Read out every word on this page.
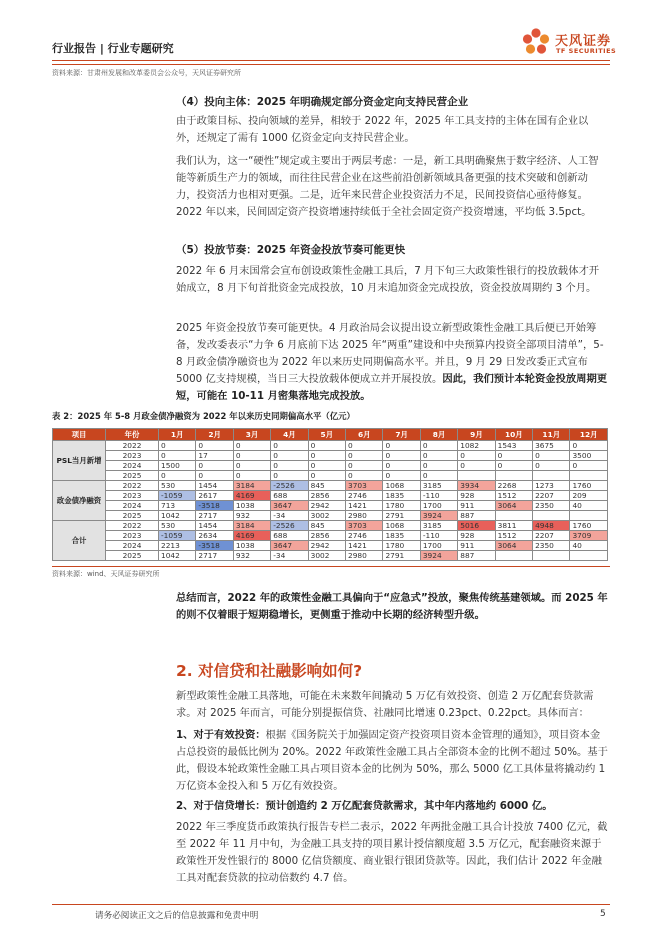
行业报告 | 行业专题研究	天风证券
TF SECURITIES
资料来源：甘肃州发展和改革委员会公众号，天风证券研究所
（4）投向主体：2025 年明确规定部分资金定向支持民营企业
由于政策目标、投向领域的差异，相较于 2022 年，2025 年工具支持的主体在国有企业以外，还规定了需有 1000 亿资金定向支持民营企业。
我们认为，这一“硬性”规定或主要出于两层考虑：一是，新工具明确聚焦于数字经济、人工智能等新质生产力的领域，而往往民营企业在这些前沿创新领域具备更强的技术突破和创新动力，投资活力也相对更强。二是，近年来民营企业投资活力不足，民间投资信心亟待修复。2022 年以来，民间固定资产投资增速持续低于全社会固定资产投资增速，平均低 3.5pct。
（5）投放节奏：2025 年资金投放节奏可能更快
2022 年 6 月末国常会宣布创设政策性金融工具后，7 月下旬三大政策性银行的投放载体才开始成立，8 月下旬首批资金完成投放，10 月末追加资金完成投放，资金投放周期约 3 个月。
2025 年资金投放节奏可能更快。4 月政治局会议提出设立新型政策性金融工具后便已开始筹备，发改委表示“力争 6 月底前下达 2025 年“两重”建设和中央预算内投资全部项目清单”，5-8 月政金债净融资也为 2022 年以来历史同期偏高水平。并且，9 月 29 日发改委正式宣布 5000 亿支持规模，当日三大投放载体便成立并开展投放。因此，我们预计本轮资金投放周期更短，可能在 10-11 月密集落地完成投放。
表 2：2025 年 5-8 月政金债净融资为 2022 年以来历史同期偏高水平（亿元）
项目	年份	1月	2月	3月	4月	5月	6月	7月	8月	9月	10月	11月	12月
PSL当月新增	2022	0	0	0	0	0	0	0	0	1082	1543	3675	0
	2023	0	17	0	0	0	0	0	0	0	0	0	3500
	2024	1500	0	0	0	0	0	0	0	0	0	0	0
	2025	0	0	0	0	0	0	0	0				
政金债净融资	2022	530	1454	3184	-2526	845	3703	1068	3185	3934	2268	1273	1760
	2023	-1059	2617	4169	688	2856	2746	1835	-110	928	1512	2207	209
	2024	713	-3518	1038	3647	2942	1421	1780	1700	911	3064	2350	40
	2025	1042	2717	932	-34	3002	2980	2791	3924	887			
合计	2022	530	1454	3184	-2526	845	3703	1068	3185	5016	3811	4948	1760
	2023	-1059	2634	4169	688	2856	2746	1835	-110	928	1512	2207	3709
	2024	2213	-3518	1038	3647	2942	1421	1780	1700	911	3064	2350	40
	2025	1042	2717	932	-34	3002	2980	2791	3924	887			
资料来源：wind、天风证券研究所
总结而言，2022 年的政策性金融工具偏向于“应急式”投放，聚焦传统基建领域。而 2025 年的则不仅着眼于短期稳增长，更侧重于推动中长期的经济转型升级。
2. 对信贷和社融影响如何?
新型政策性金融工具落地，可能在未来数年间撬动 5 万亿有效投资、创造 2 万亿配套贷款需求。对 2025 年而言，可能分别提振信贷、社融同比增速 0.23pct、0.22pct。具体而言：
1、对于有效投资：根据《国务院关于加强固定资产投资项目资本金管理的通知》，项目资本金占总投资的最低比例为 20%。2022 年政策性金融工具占全部资本金的比例不超过 50%。基于此，假设本轮政策性金融工具占项目资本金的比例为 50%，那么 5000 亿工具体量将撬动约 1 万亿资本金投入和 5 万亿有效投资。
2、对于信贷增长：预计创造约 2 万亿配套贷款需求，其中年内落地约 6000 亿。
2022 年三季度货币政策执行报告专栏二表示，2022 年两批金融工具合计投放 7400 亿元，截至 2022 年 11 月中旬，为金融工具支持的项目累计授信额度超 3.5 万亿元，配套融资来源于政策性开发性银行的 8000 亿信贷额度、商业银行银团贷款等。因此，我们估计 2022 年金融工具对配套贷款的拉动倍数约 4.7 倍。
请务必阅读正文之后的信息披露和免责申明	5
